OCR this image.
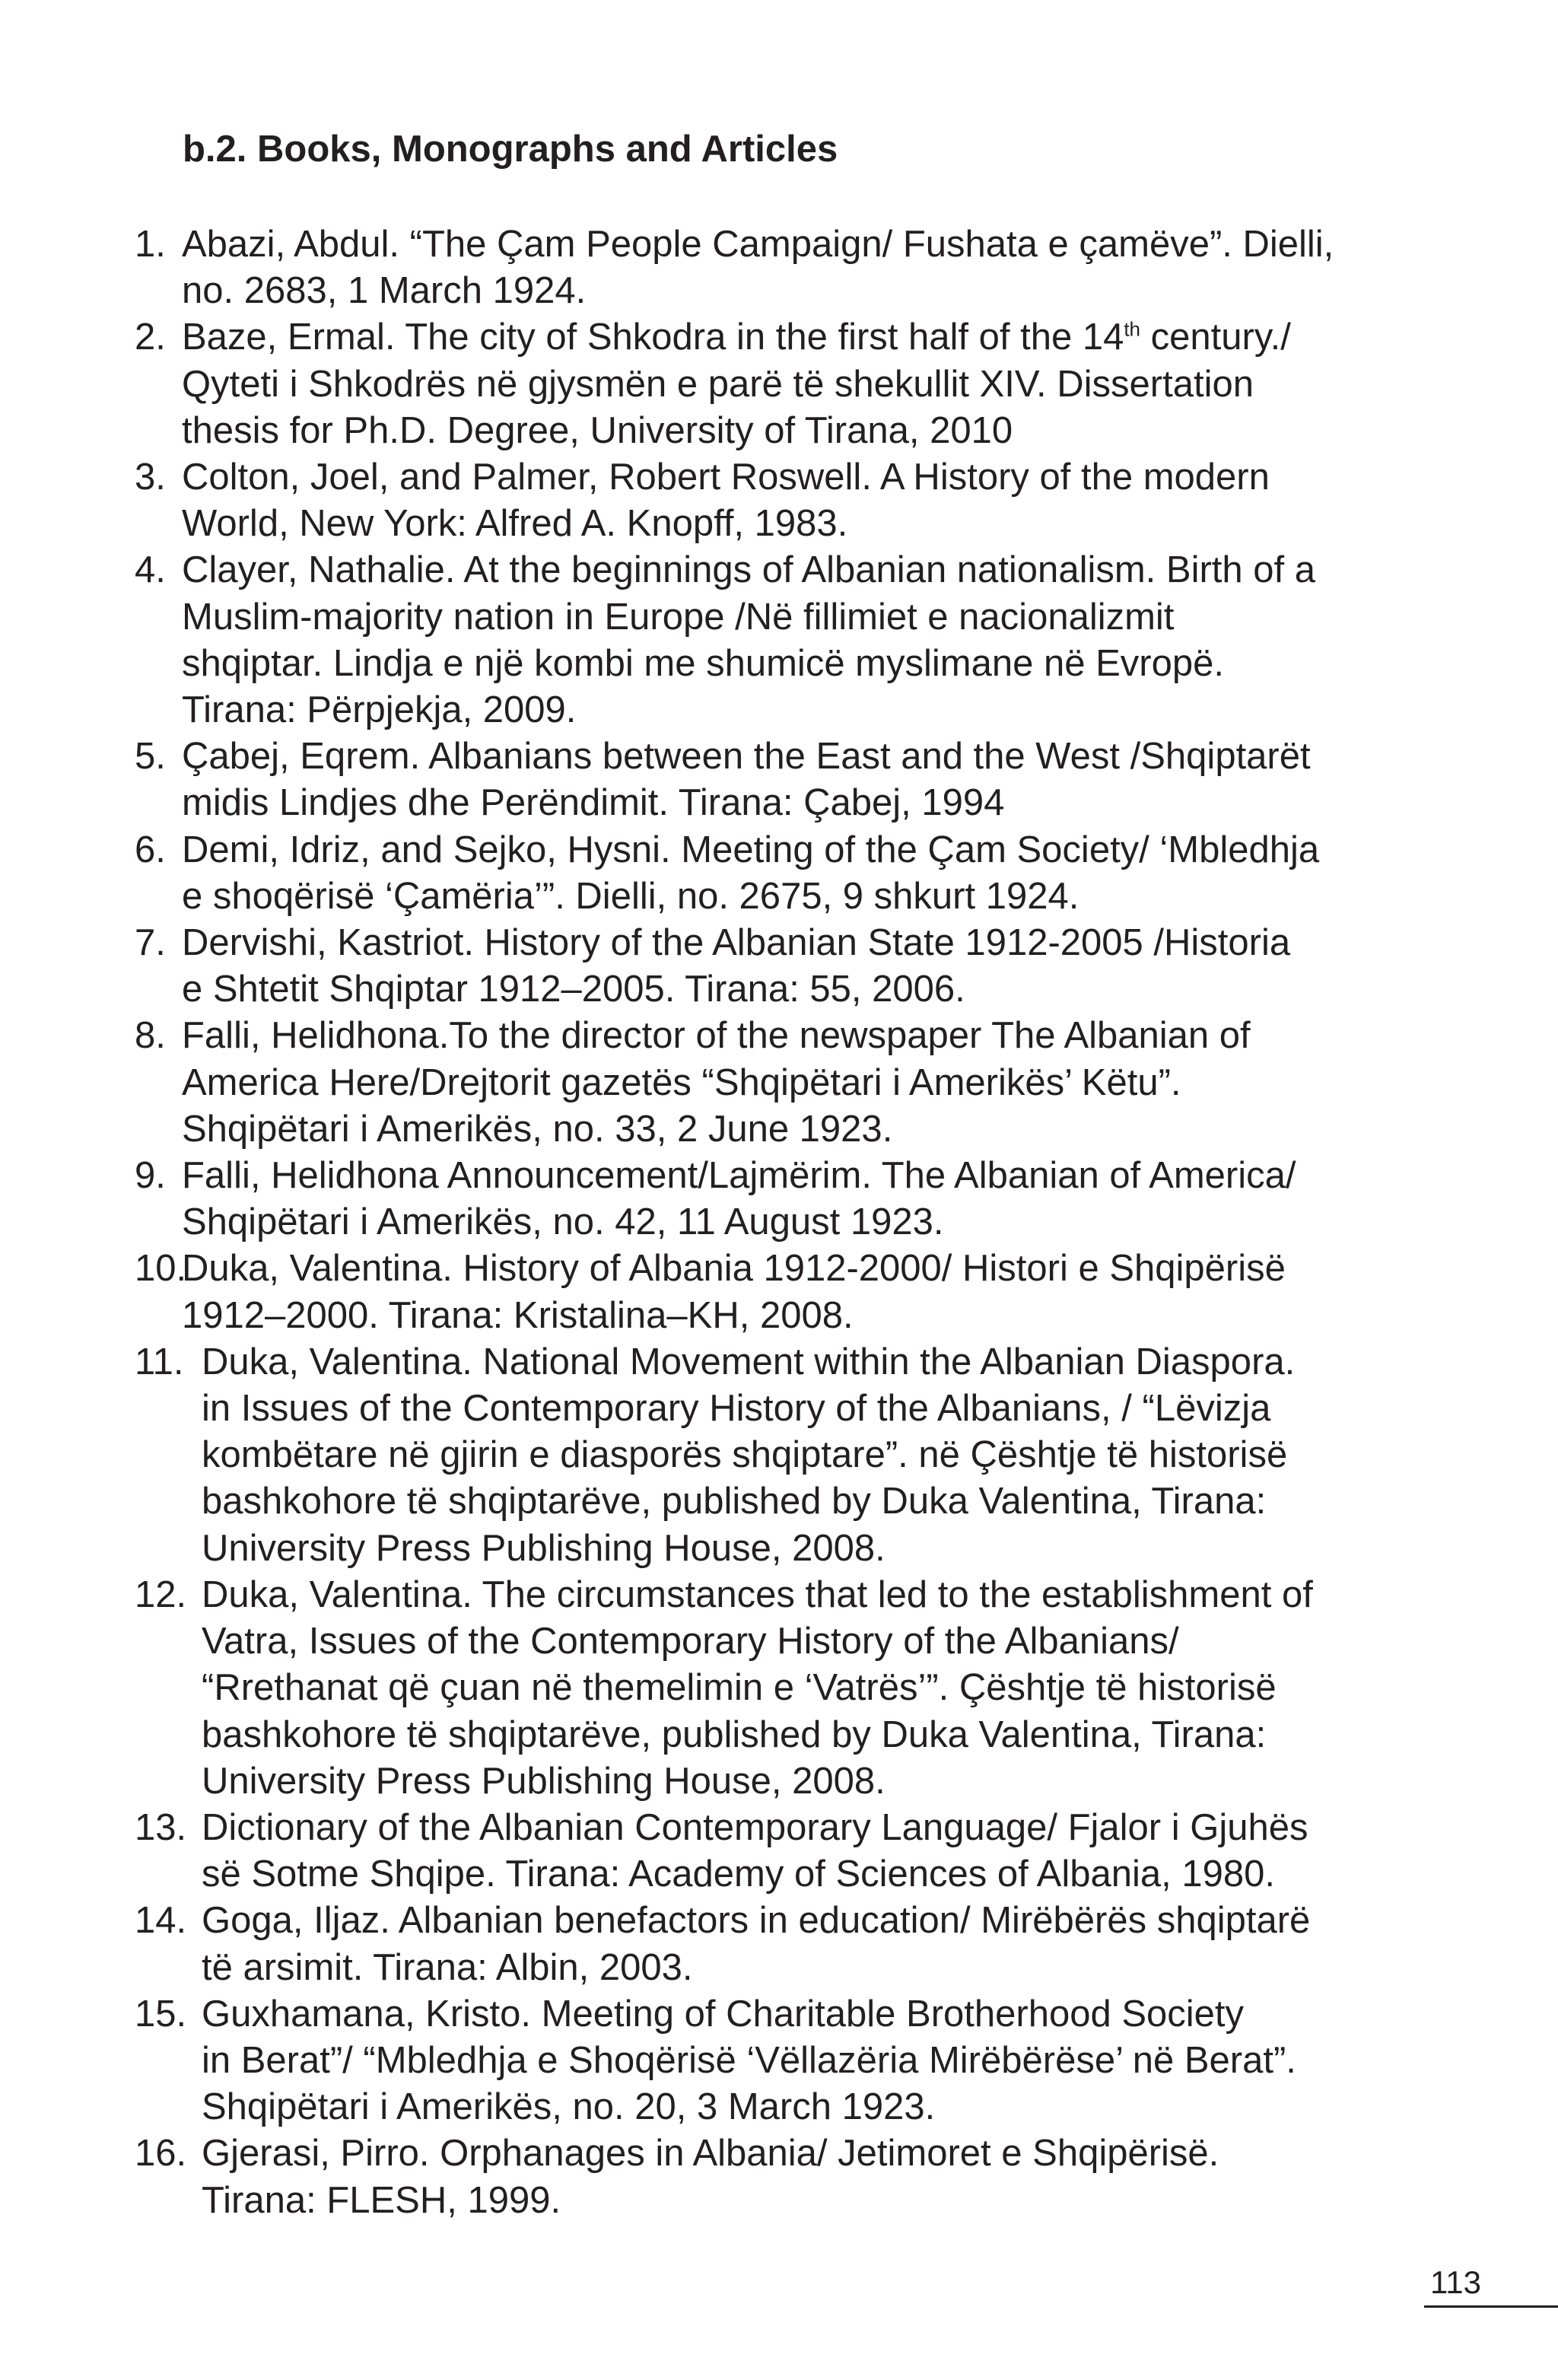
b.2. Books, Monographs and Articles
1. Abazi, Abdul. “The Çam People Campaign/ Fushata e çamëve”. Dielli,
no. 2683, 1 March 1924.
2. Baze, Ermal. The city of Shkodra in the first half of the 14th century./
Qyteti i Shkodrës në gjysmën e parë të shekullit XIV. Dissertation
thesis for Ph.D. Degree, University of Tirana, 2010
3. Colton, Joel, and Palmer, Robert Roswell. A History of the modern
World, New York: Alfred A. Knopff, 1983.
4. Clayer, Nathalie. At the beginnings of Albanian nationalism. Birth of a
Muslim-majority nation in Europe /Në fillimiet e nacionalizmit
shqiptar. Lindja e një kombi me shumicë myslimane në Evropë.
Tirana: Përpjekja, 2009.
5. Çabej, Eqrem. Albanians between the East and the West /Shqiptarët
midis Lindjes dhe Perëndimit. Tirana: Çabej, 1994
6. Demi, Idriz, and Sejko, Hysni. Meeting of the Çam Society/ ‘Mbledhja
e shoqërisë ‘Çamëria’”. Dielli, no. 2675, 9 shkurt 1924.
7. Dervishi, Kastriot. History of the Albanian State 1912-2005 /Historia
e Shtetit Shqiptar 1912–2005. Tirana: 55, 2006.
8. Falli, Helidhona.To the director of the newspaper The Albanian of
America Here/Drejtorit gazetës “Shqipëtari i Amerikës’ Këtu”.
Shqipëtari i Amerikës, no. 33, 2 June 1923.
9. Falli, Helidhona Announcement/Lajmërim. The Albanian of America/
Shqipëtari i Amerikës, no. 42, 11 August 1923.
10.
Duka, Valentina. History of Albania 1912-2000/ Histori e Shqipërisë
1912–2000. Tirana: Kristalina–KH, 2008.
11. Duka, Valentina. National Movement within the Albanian Diaspora.
in Issues of the Contemporary History of the Albanians, / “Lëvizja
kombëtare në gjirin e diasporës shqiptare”. në Çështje të historisë
bashkohore të shqiptarëve, published by Duka Valentina, Tirana:
University Press Publishing House, 2008.
12. Duka, Valentina. The circumstances that led to the establishment of
Vatra, Issues of the Contemporary History of the Albanians/
“Rrethanat që çuan në themelimin e ‘Vatrës’”. Çështje të historisë
bashkohore të shqiptarëve, published by Duka Valentina, Tirana:
University Press Publishing House, 2008.
13. Dictionary of the Albanian Contemporary Language/ Fjalor i Gjuhës
së Sotme Shqipe. Tirana: Academy of Sciences of Albania, 1980.
14. Goga, Iljaz. Albanian benefactors in education/ Mirëbërës shqiptarë
të arsimit. Tirana: Albin, 2003.
15. Guxhamana, Kristo. Meeting of Charitable Brotherhood Society
in Berat”/ “Mbledhja e Shoqërisë ‘Vëllazëria Mirëbërëse’ në Berat”.
Shqipëtari i Amerikës, no. 20, 3 March 1923.
16. Gjerasi, Pirro. Orphanages in Albania/ Jetimoret e Shqipërisë.
Tirana: FLESH, 1999.
113
